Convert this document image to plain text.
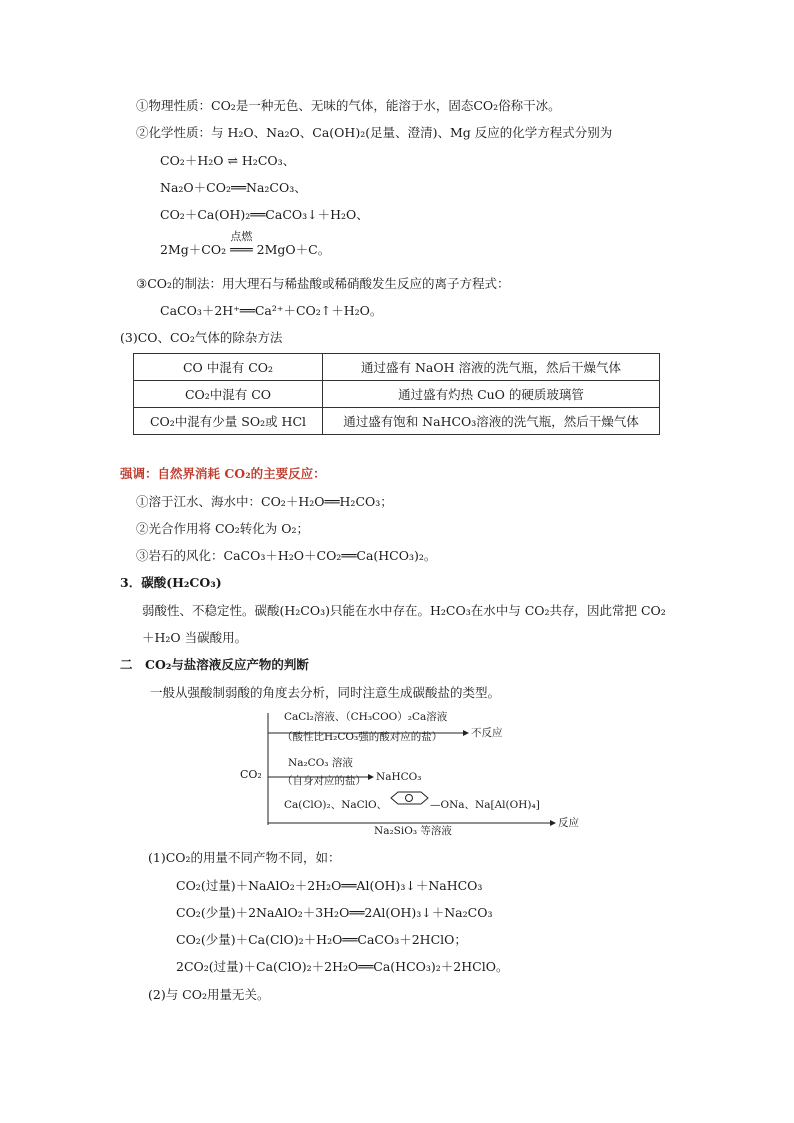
①物理性质：CO₂是一种无色、无味的气体，能溶于水，固态CO₂俗称干冰。
②化学性质：与 H₂O、Na₂O、Ca(OH)₂(足量、澄清)、Mg 反应的化学方程式分别为
CO₂＋H₂O ⇌ H₂CO₃、
Na₂O＋CO₂══Na₂CO₃、
CO₂＋Ca(OH)₂══CaCO₃↓＋H₂O、
2Mg＋CO₂
点燃
═══ 2MgO＋C。
③CO₂的制法：用大理石与稀盐酸或稀硝酸发生反应的离子方程式：
CaCO₃＋2H⁺══Ca²⁺＋CO₂↑＋H₂O。
(3)CO、CO₂气体的除杂方法
CO 中混有 CO₂	通过盛有 NaOH 溶液的洗气瓶，然后干燥气体
CO₂中混有 CO	通过盛有灼热 CuO 的硬质玻璃管
CO₂中混有少量 SO₂或 HCl	通过盛有饱和 NaHCO₃溶液的洗气瓶，然后干燥气体
强调：自然界消耗 CO₂的主要反应：
①溶于江水、海水中：CO₂＋H₂O══H₂CO₃；
②光合作用将 CO₂转化为 O₂；
③岩石的风化：CaCO₃＋H₂O＋CO₂══Ca(HCO₃)₂。
3．碳酸(H₂CO₃)
弱酸性、不稳定性。碳酸(H₂CO₃)只能在水中存在。H₂CO₃在水中与 CO₂共存，因此常把 CO₂
＋H₂O 当碳酸用。
二　CO₂与盐溶液反应产物的判断
一般从强酸制弱酸的角度去分析，同时注意生成碳酸盐的类型。
CO₂
CaCl₂溶液、（CH₃COO）₂Ca溶液
（酸性比H₂CO₃强的酸对应的盐）	不反应
Na₂CO₃ 溶液
（自身对应的盐） NaHCO₃
Ca(ClO)₂、NaClO、	—ONa、Na[Al(OH)₄]
Na₂SiO₃ 等溶液
反应
(1)CO₂的用量不同产物不同，如：
CO₂(过量)＋NaAlO₂＋2H₂O══Al(OH)₃↓＋NaHCO₃
CO₂(少量)＋2NaAlO₂＋3H₂O══2Al(OH)₃↓＋Na₂CO₃
CO₂(少量)＋Ca(ClO)₂＋H₂O══CaCO₃＋2HClO；
2CO₂(过量)＋Ca(ClO)₂＋2H₂O══Ca(HCO₃)₂＋2HClO。
(2)与 CO₂用量无关。
